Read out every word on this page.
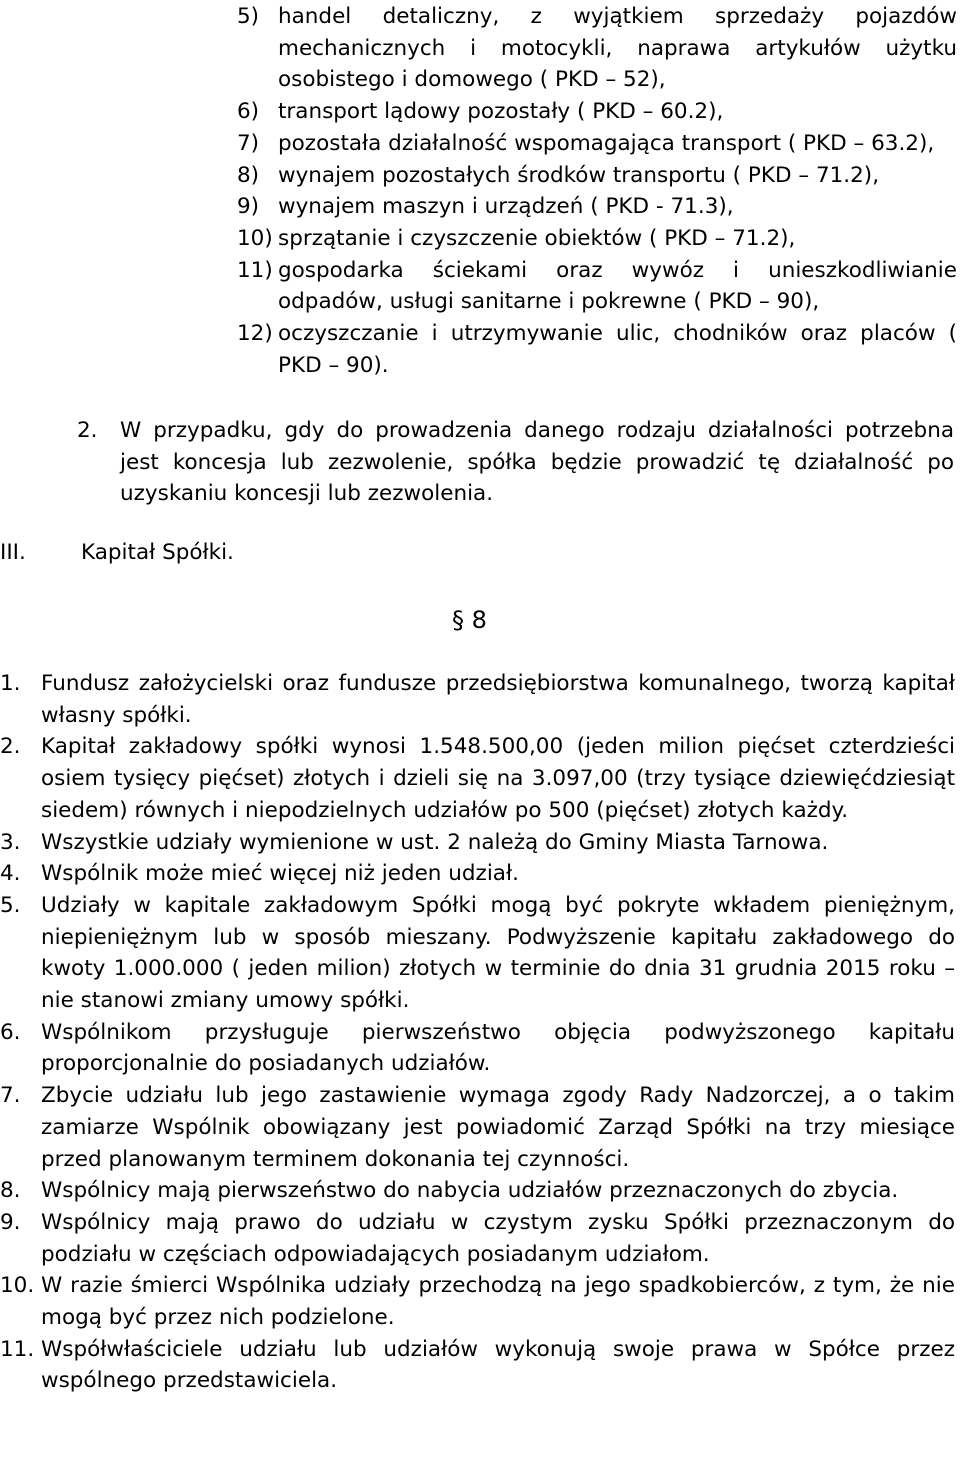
5) handel detaliczny, z wyjątkiem sprzedaży pojazdów mechanicznych i motocykli, naprawa artykułów użytku osobistego i domowego ( PKD – 52),
6) transport lądowy pozostały ( PKD – 60.2),
7) pozostała działalność wspomagająca transport ( PKD – 63.2),
8) wynajem pozostałych środków transportu ( PKD – 71.2),
9) wynajem maszyn i urządzeń ( PKD - 71.3),
10) sprzątanie i czyszczenie obiektów ( PKD – 71.2),
11) gospodarka ściekami oraz wywóz i unieszkodliwianie odpadów, usługi sanitarne i pokrewne ( PKD – 90),
12) oczyszczanie i utrzymywanie ulic, chodników oraz placów ( PKD – 90).
2. W przypadku, gdy do prowadzenia danego rodzaju działalności potrzebna jest koncesja lub zezwolenie, spółka będzie prowadzić tę działalność po uzyskaniu koncesji lub zezwolenia.
III.	Kapitał Spółki.
§ 8
1. Fundusz założycielski oraz fundusze przedsiębiorstwa komunalnego, tworzą kapitał własny spółki.
2. Kapitał zakładowy spółki wynosi 1.548.500,00 (jeden milion pięćset czterdzieści osiem tysięcy pięćset) złotych i dzieli się na 3.097,00 (trzy tysiące dziewięćdziesiąt siedem) równych i niepodzielnych udziałów po 500 (pięćset) złotych każdy.
3. Wszystkie udziały wymienione w ust. 2 należą do Gminy Miasta Tarnowa.
4. Wspólnik może mieć więcej niż jeden udział.
5. Udziały w kapitale zakładowym Spółki mogą być pokryte wkładem pieniężnym, niepieniężnym lub w sposób mieszany. Podwyższenie kapitału zakładowego do kwoty 1.000.000 ( jeden milion) złotych w terminie do dnia 31 grudnia 2015 roku – nie stanowi zmiany umowy spółki.
6. Wspólnikom przysługuje pierwszeństwo objęcia podwyższonego kapitału proporcjonalnie do posiadanych udziałów.
7. Zbycie udziału lub jego zastawienie wymaga zgody Rady Nadzorczej, a o takim zamiarze Wspólnik obowiązany jest powiadomić Zarząd Spółki na trzy miesiące przed planowanym terminem dokonania tej czynności.
8. Wspólnicy mają pierwszeństwo do nabycia udziałów przeznaczonych do zbycia.
9. Wspólnicy mają prawo do udziału w czystym zysku Spółki przeznaczonym do podziału w częściach odpowiadających posiadanym udziałom.
10. W razie śmierci Wspólnika udziały przechodzą na jego spadkobierców, z tym, że nie mogą być przez nich podzielone.
11. Współwłaściciele udziału lub udziałów wykonują swoje prawa w Spółce przez wspólnego przedstawiciela.
